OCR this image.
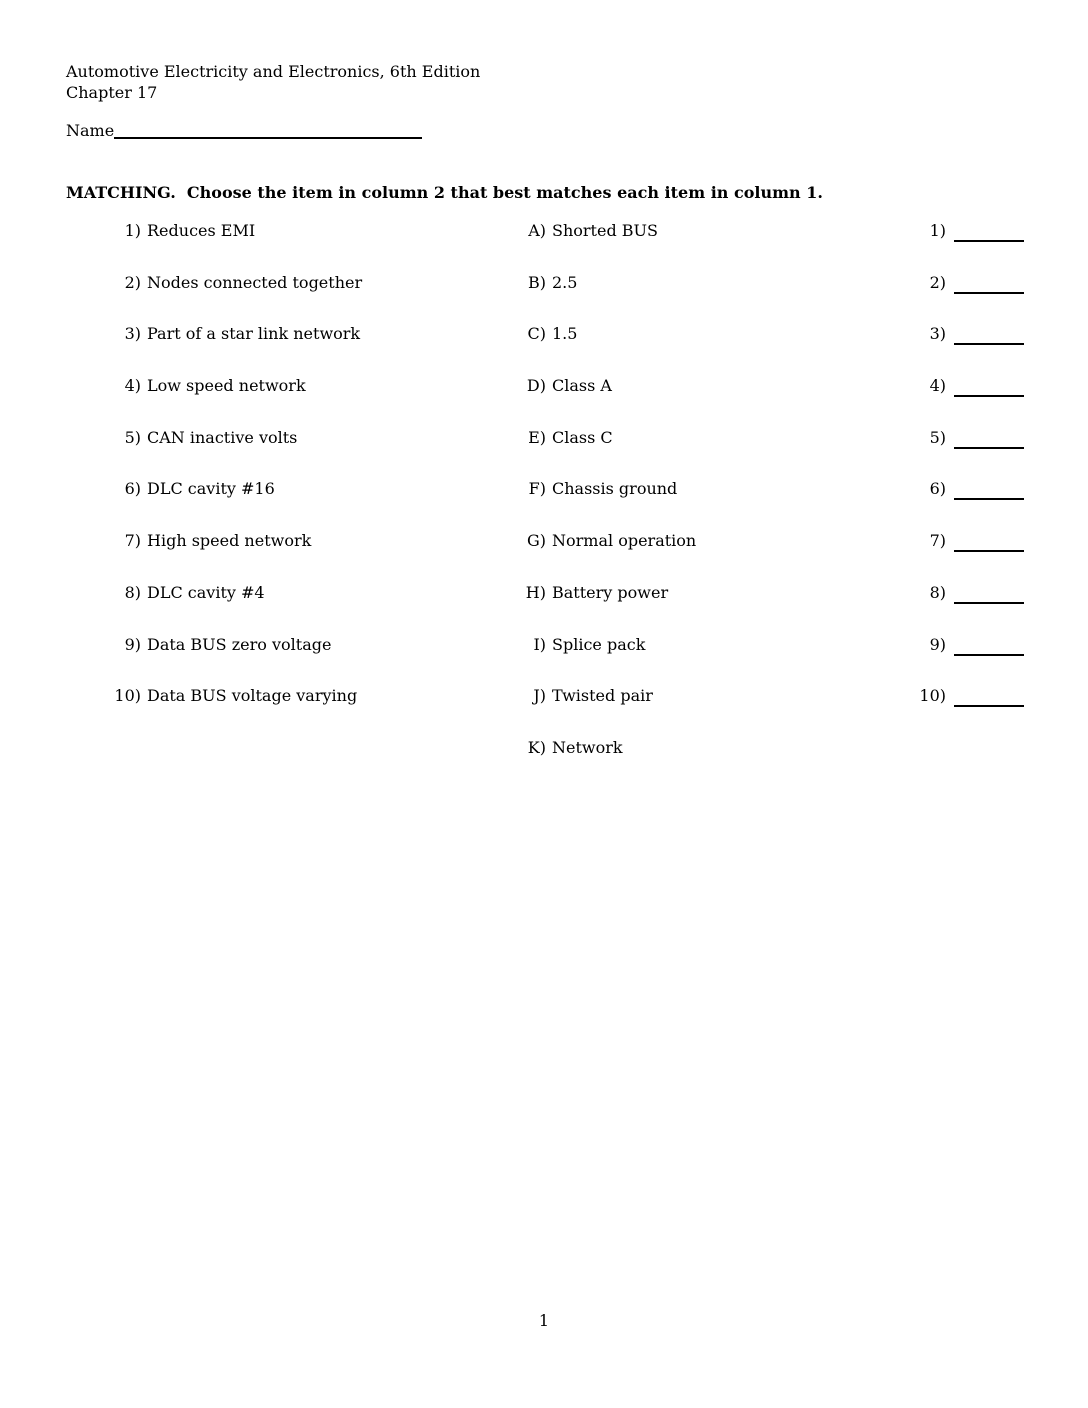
Automotive Electricity and Electronics, 6th Edition
Chapter 17
Name
MATCHING.  Choose the item in column 2 that best matches each item in column 1.
1) Reduces EMI	A) Shorted BUS	1)
2) Nodes connected together	B) 2.5	2)
3) Part of a star link network	C) 1.5	3)
4) Low speed network	D) Class A	4)
5) CAN inactive volts	E) Class C	5)
6) DLC cavity #16	F) Chassis ground	6)
7) High speed network	G) Normal operation	7)
8) DLC cavity #4	H) Battery power	8)
9) Data BUS zero voltage	I) Splice pack	9)
10) Data BUS voltage varying	J) Twisted pair	10)
K) Network
1
